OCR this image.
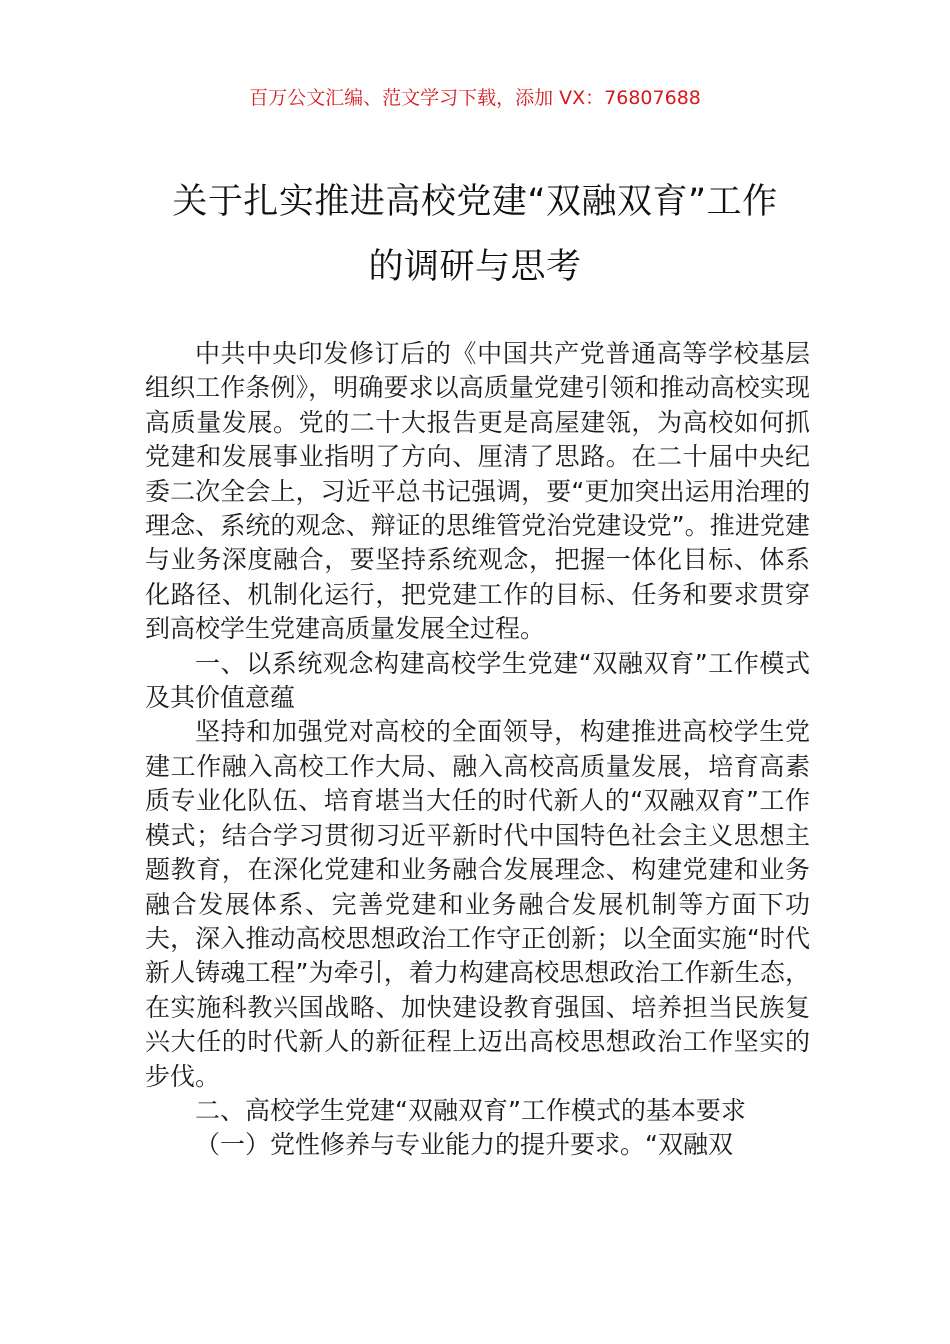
百万公文汇编、范文学习下载，添加 VX：76807688
关于扎实推进高校党建“双融双育”工作
的调研与思考

中共中央印发修订后的《中国共产党普通高等学校基层组织工作条例》，明确要求以高质量党建引领和推动高校实现高质量发展。党的二十大报告更是高屋建瓴，为高校如何抓党建和发展事业指明了方向、厘清了思路。在二十届中央纪委二次全会上，习近平总书记强调，要“更加突出运用治理的理念、系统的观念、辩证的思维管党治党建设党”。推进党建与业务深度融合，要坚持系统观念，把握一体化目标、体系化路径、机制化运行，把党建工作的目标、任务和要求贯穿到高校学生党建高质量发展全过程。

一、以系统观念构建高校学生党建“双融双育”工作模式及其价值意蕴

坚持和加强党对高校的全面领导，构建推进高校学生党建工作融入高校工作大局、融入高校高质量发展，培育高素质专业化队伍、培育堪当大任的时代新人的“双融双育”工作模式；结合学习贯彻习近平新时代中国特色社会主义思想主题教育，在深化党建和业务融合发展理念、构建党建和业务融合发展体系、完善党建和业务融合发展机制等方面下功夫，深入推动高校思想政治工作守正创新；以全面实施“时代新人铸魂工程”为牵引，着力构建高校思想政治工作新生态，在实施科教兴国战略、加快建设教育强国、培养担当民族复兴大任的时代新人的新征程上迈出高校思想政治工作坚实的步伐。

二、高校学生党建“双融双育”工作模式的基本要求

（一）党性修养与专业能力的提升要求。“双融双
